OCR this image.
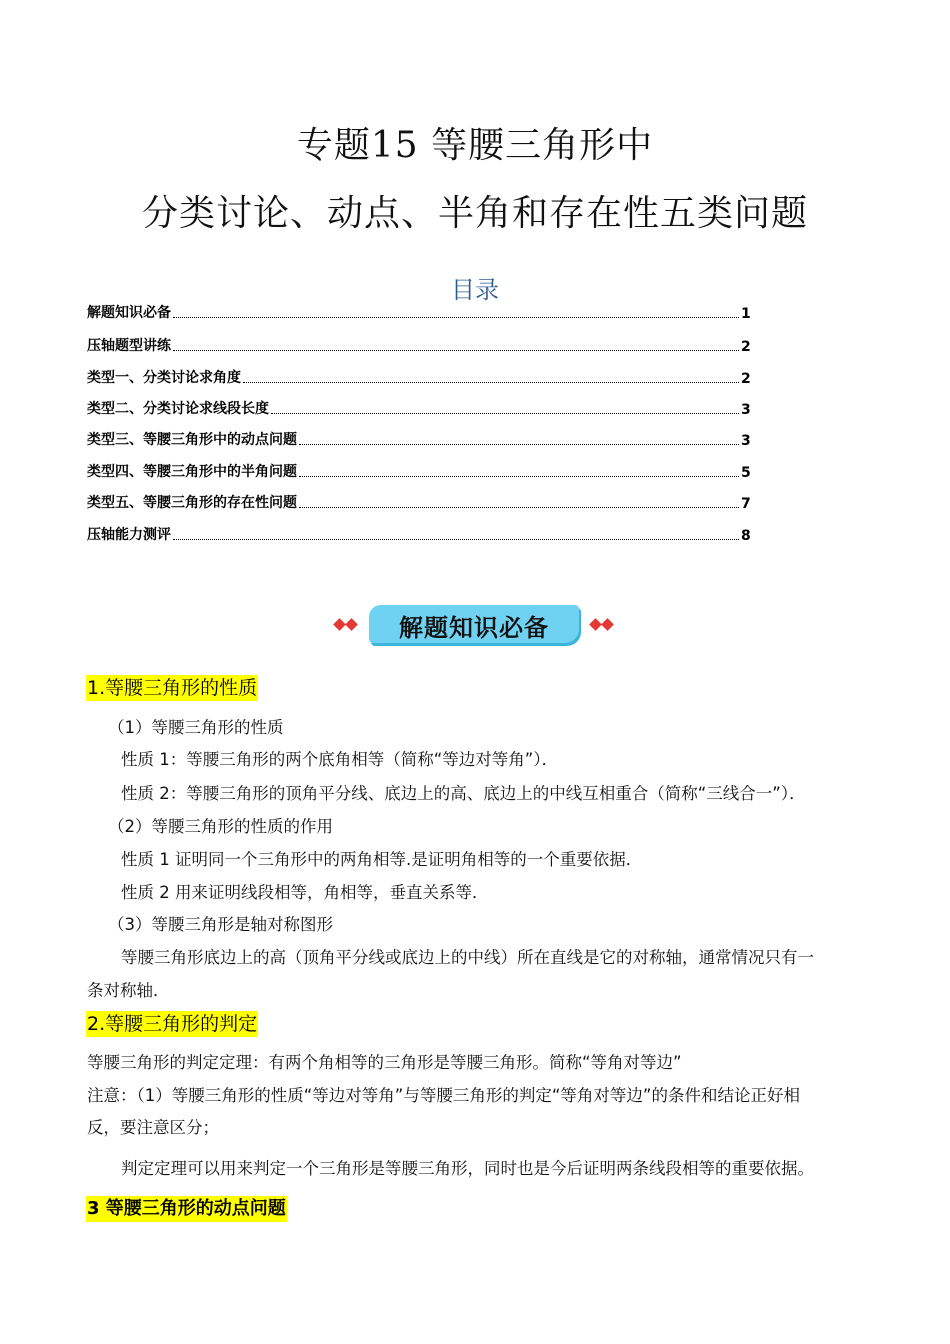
专题15 等腰三角形中
分类讨论、动点、半角和存在性五类问题
目录
解题知识必备	1
压轴题型讲练	2
类型一、分类讨论求角度	2
类型二、分类讨论求线段长度	3
类型三、等腰三角形中的动点问题	3
类型四、等腰三角形中的半角问题	5
类型五、等腰三角形的存在性问题	7
压轴能力测评	8
解题知识必备
1.等腰三角形的性质
（1）等腰三角形的性质
性质 1：等腰三角形的两个底角相等（简称“等边对等角”）．
性质 2：等腰三角形的顶角平分线、底边上的高、底边上的中线互相重合（简称“三线合一”）．
（2）等腰三角形的性质的作用
性质 1 证明同一个三角形中的两角相等.是证明角相等的一个重要依据．
性质 2 用来证明线段相等，角相等，垂直关系等．
（3）等腰三角形是轴对称图形
等腰三角形底边上的高（顶角平分线或底边上的中线）所在直线是它的对称轴，通常情况只有一
条对称轴．
2.等腰三角形的判定
等腰三角形的判定定理：有两个角相等的三角形是等腰三角形。简称“等角对等边”
注意：（1）等腰三角形的性质“等边对等角”与等腰三角形的判定“等角对等边”的条件和结论正好相
反，要注意区分；
判定定理可以用来判定一个三角形是等腰三角形，同时也是今后证明两条线段相等的重要依据。
3 等腰三角形的动点问题
